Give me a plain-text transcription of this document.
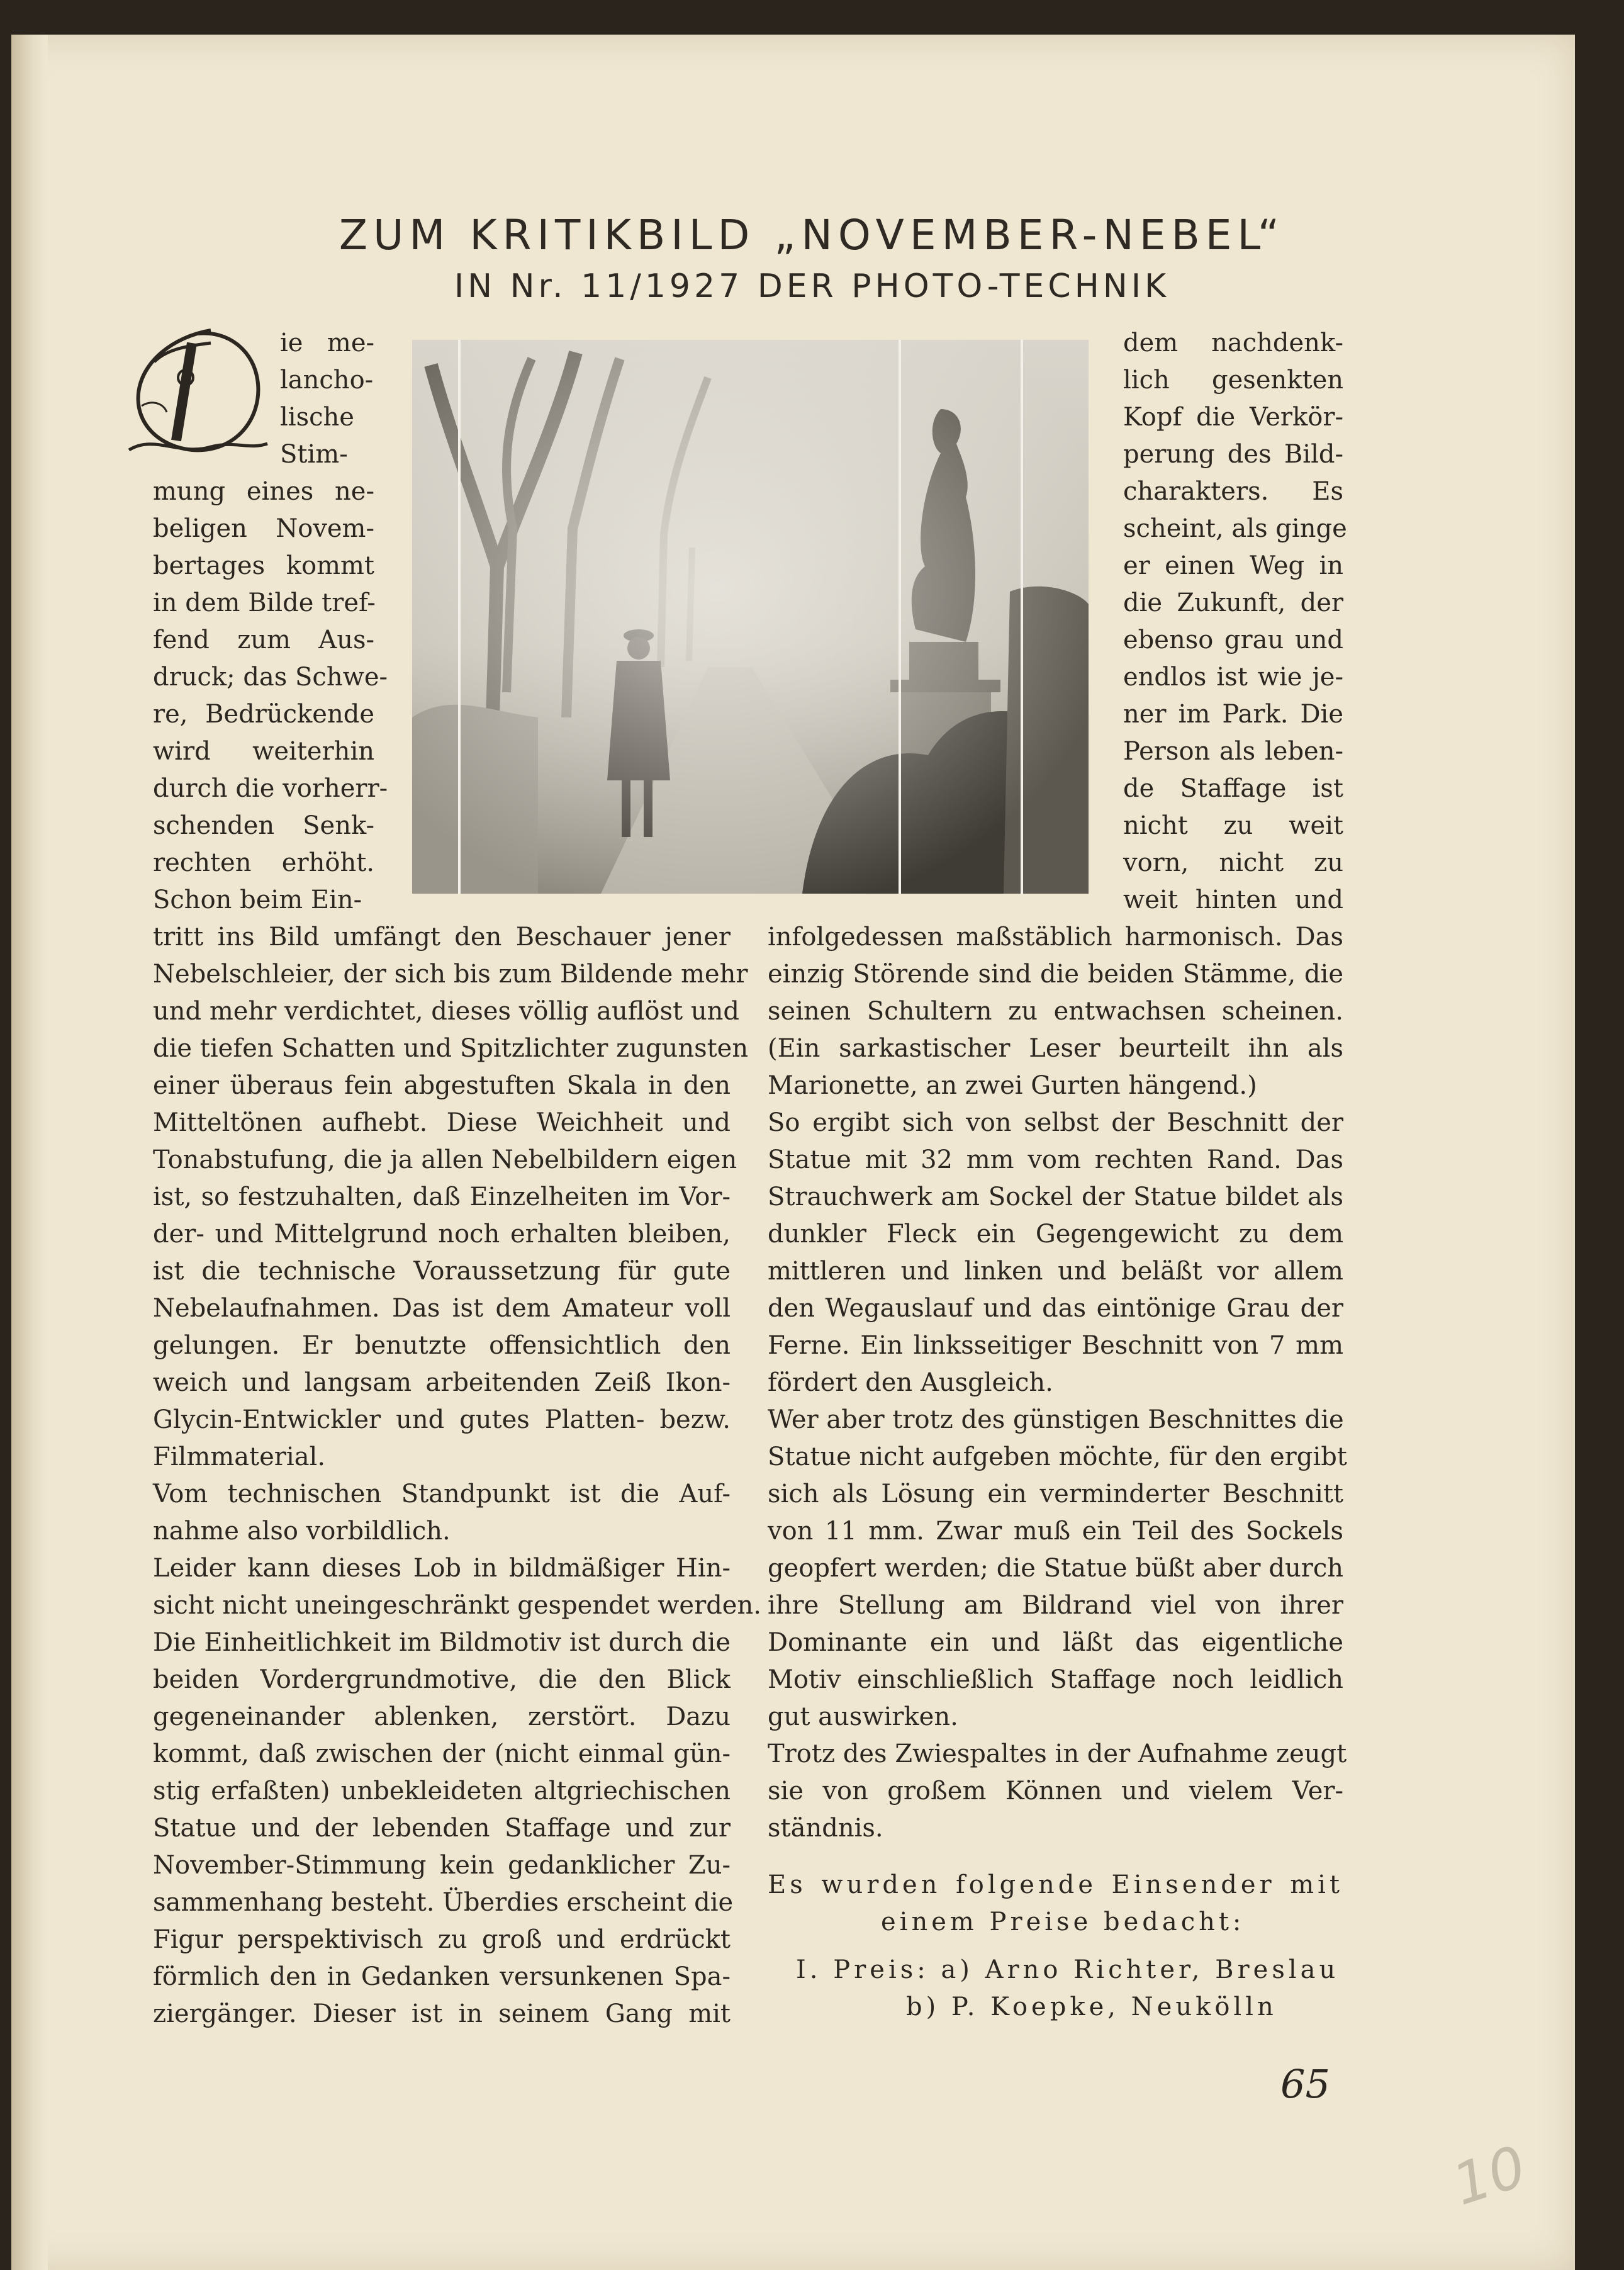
ZUM KRITIKBILD „NOVEMBER-NEBEL“
IN Nr. 11/1927 DER PHOTO-TECHNIK
D
ie me-
lancho-
lische
Stim-
mung eines ne-
beligen Novem-
bertages kommt
in dem Bilde tref-
fend zum Aus-
druck; das Schwe-
re, Bedrückende
wird weiterhin
durch die vorherr-
schenden Senk-
rechten erhöht.
Schon beim Ein-
dem nachdenk-
lich gesenkten
Kopf die Verkör-
perung des Bild-
charakters. Es
scheint, als ginge
er einen Weg in
die Zukunft, der
ebenso grau und
endlos ist wie je-
ner im Park. Die
Person als leben-
de Staffage ist
nicht zu weit
vorn, nicht zu
weit hinten und
tritt ins Bild umfängt den Beschauer jener
Nebelschleier, der sich bis zum Bildende mehr
und mehr verdichtet, dieses völlig auflöst und
die tiefen Schatten und Spitzlichter zugunsten
einer überaus fein abgestuften Skala in den
Mitteltönen aufhebt. Diese Weichheit und
Tonabstufung, die ja allen Nebelbildern eigen
ist, so festzuhalten, daß Einzelheiten im Vor-
der- und Mittelgrund noch erhalten bleiben,
ist die technische Voraussetzung für gute
Nebelaufnahmen. Das ist dem Amateur voll
gelungen. Er benutzte offensichtlich den
weich und langsam arbeitenden Zeiß Ikon-
Glycin-Entwickler und gutes Platten- bezw.
Filmmaterial.
Vom technischen Standpunkt ist die Auf-
nahme also vorbildlich.
Leider kann dieses Lob in bildmäßiger Hin-
sicht nicht uneingeschränkt gespendet werden.
Die Einheitlichkeit im Bildmotiv ist durch die
beiden Vordergrundmotive, die den Blick
gegeneinander ablenken, zerstört. Dazu
kommt, daß zwischen der (nicht einmal gün-
stig erfaßten) unbekleideten altgriechischen
Statue und der lebenden Staffage und zur
November-Stimmung kein gedanklicher Zu-
sammenhang besteht. Überdies erscheint die
Figur perspektivisch zu groß und erdrückt
förmlich den in Gedanken versunkenen Spa-
ziergänger. Dieser ist in seinem Gang mit
infolgedessen maßstäblich harmonisch. Das
einzig Störende sind die beiden Stämme, die
seinen Schultern zu entwachsen scheinen.
(Ein sarkastischer Leser beurteilt ihn als
Marionette, an zwei Gurten hängend.)
So ergibt sich von selbst der Beschnitt der
Statue mit 32 mm vom rechten Rand. Das
Strauchwerk am Sockel der Statue bildet als
dunkler Fleck ein Gegengewicht zu dem
mittleren und linken und beläßt vor allem
den Wegauslauf und das eintönige Grau der
Ferne. Ein linksseitiger Beschnitt von 7 mm
fördert den Ausgleich.
Wer aber trotz des günstigen Beschnittes die
Statue nicht aufgeben möchte, für den ergibt
sich als Lösung ein verminderter Beschnitt
von 11 mm. Zwar muß ein Teil des Sockels
geopfert werden; die Statue büßt aber durch
ihre Stellung am Bildrand viel von ihrer
Dominante ein und läßt das eigentliche
Motiv einschließlich Staffage noch leidlich
gut auswirken.
Trotz des Zwiespaltes in der Aufnahme zeugt
sie von großem Können und vielem Ver-
ständnis.
Es wurden folgende Einsender mit
einem Preise bedacht:
I. Preis: a) Arno Richter, Breslau
b) P. Koepke, Neukölln
65
10
